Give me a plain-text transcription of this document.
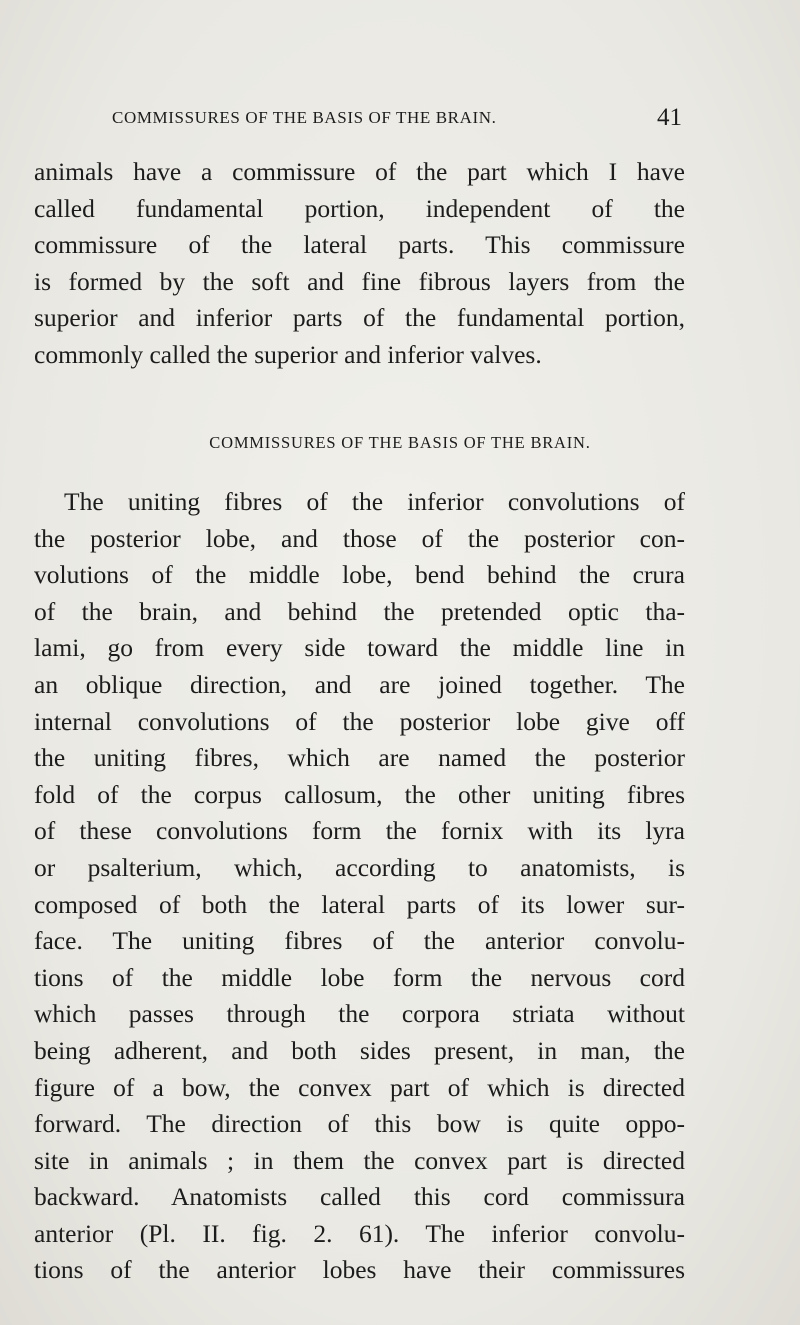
COMMISSURES OF THE BASIS OF THE BRAIN.	41
animals have a commissure of the part which I have
called fundamental portion, independent of the
commissure of the lateral parts. This commissure
is formed by the soft and fine fibrous layers from the
superior and inferior parts of the fundamental portion,
commonly called the superior and inferior valves.
COMMISSURES OF THE BASIS OF THE BRAIN.
The uniting fibres of the inferior convolutions of
the posterior lobe, and those of the posterior con-
volutions of the middle lobe, bend behind the crura
of the brain, and behind the pretended optic tha-
lami, go from every side toward the middle line in
an oblique direction, and are joined together. The
internal convolutions of the posterior lobe give off
the uniting fibres, which are named the posterior
fold of the corpus callosum, the other uniting fibres
of these convolutions form the fornix with its lyra
or psalterium, which, according to anatomists, is
composed of both the lateral parts of its lower sur-
face. The uniting fibres of the anterior convolu-
tions of the middle lobe form the nervous cord
which passes through the corpora striata without
being adherent, and both sides present, in man, the
figure of a bow, the convex part of which is directed
forward. The direction of this bow is quite oppo-
site in animals ; in them the convex part is directed
backward. Anatomists called this cord commissura
anterior (Pl. II. fig. 2. 61). The inferior convolu-
tions of the anterior lobes have their commissures
